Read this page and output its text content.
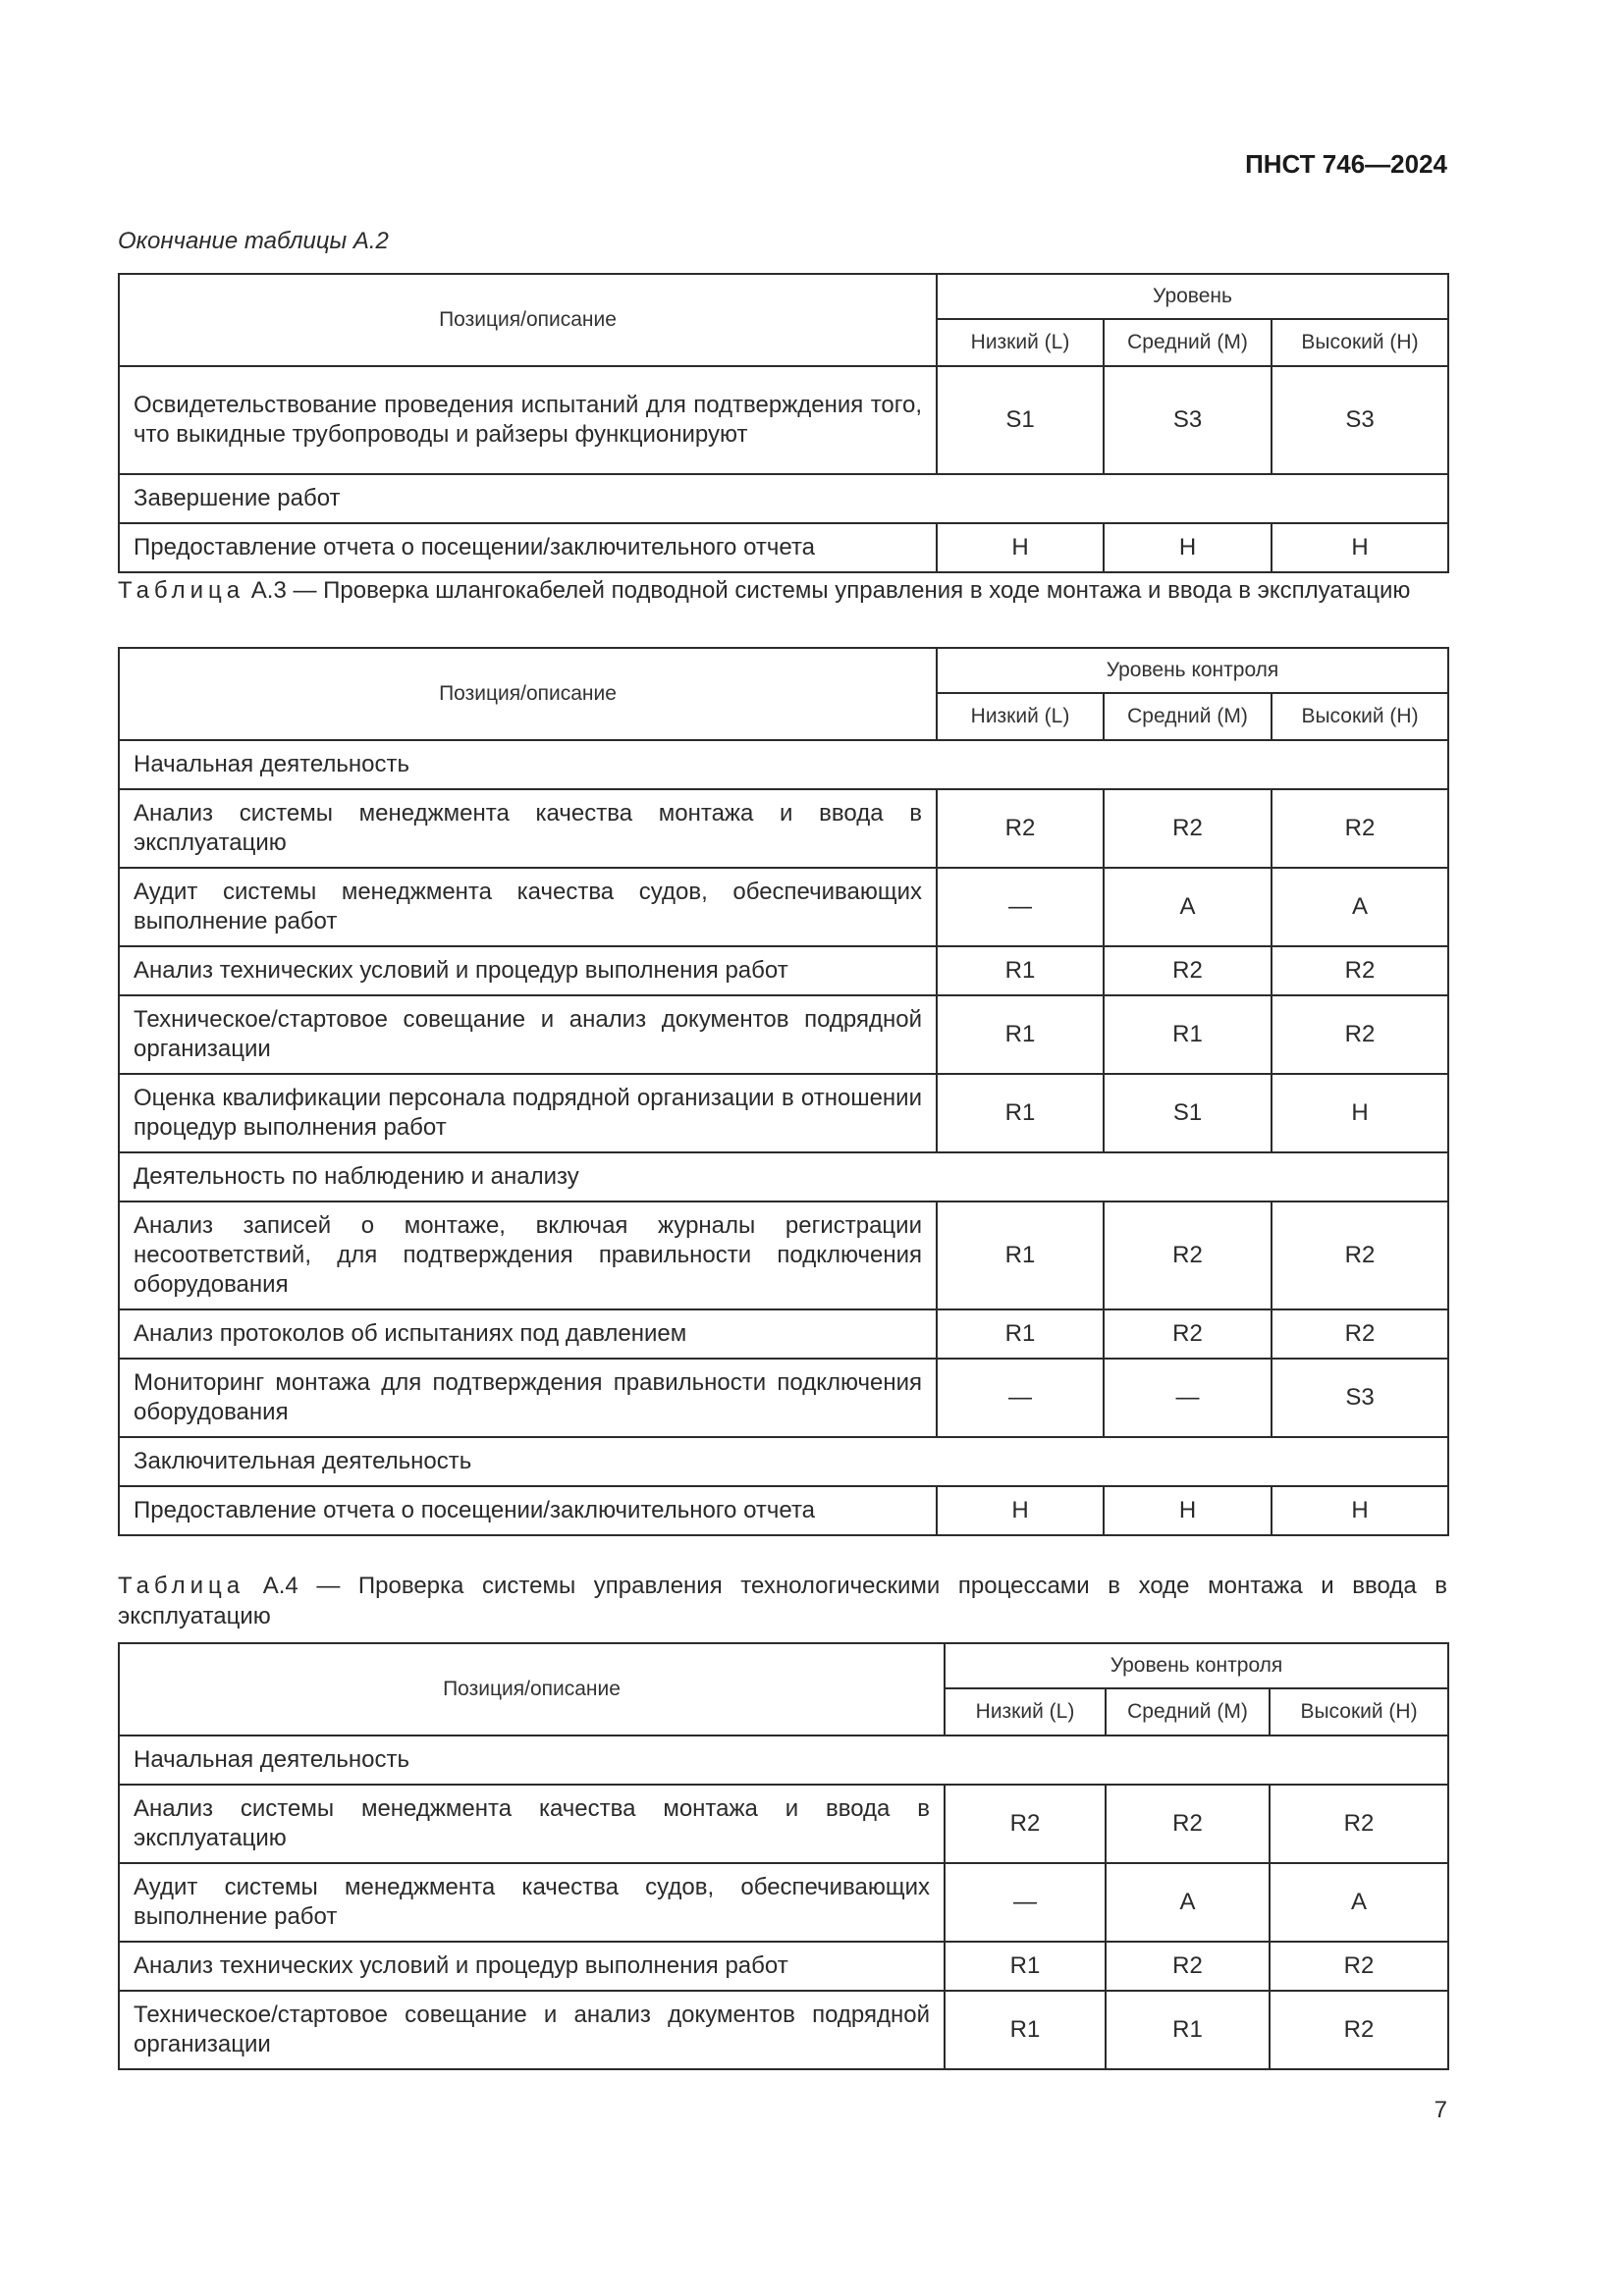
ПНСТ 746—2024
Окончание таблицы А.2
Позиция/описание	Уровень		
	Низкий (L)	Средний (M)	Высокий (H)
Освидетельствование проведения испытаний для подтверждения того, что выкидные трубопроводы и райзеры функционируют	S1	S3	S3
Завершение работ			
Предоставление отчета о посещении/заключительного отчета	H	H	H
Таблица А.3 — Проверка шлангокабелей подводной системы управления в ходе монтажа и ввода в эксплуатацию
Позиция/описание	Уровень контроля		
	Низкий (L)	Средний (M)	Высокий (H)
Начальная деятельность			
Анализ системы менеджмента качества монтажа и ввода в эксплуатацию	R2	R2	R2
Аудит системы менеджмента качества судов, обеспечивающих выполнение работ	—	A	A
Анализ технических условий и процедур выполнения работ	R1	R2	R2
Техническое/стартовое совещание и анализ документов подрядной организации	R1	R1	R2
Оценка квалификации персонала подрядной организации в отношении процедур выполнения работ	R1	S1	H
Деятельность по наблюдению и анализу			
Анализ записей о монтаже, включая журналы регистрации несоответствий, для подтверждения правильности подключения оборудования	R1	R2	R2
Анализ протоколов об испытаниях под давлением	R1	R2	R2
Мониторинг монтажа для подтверждения правильности подключения оборудования	—	—	S3
Заключительная деятельность			
Предоставление отчета о посещении/заключительного отчета	H	H	H
Таблица А.4 — Проверка системы управления технологическими процессами в ходе монтажа и ввода в эксплуатацию
Позиция/описание	Уровень контроля		
	Низкий (L)	Средний (M)	Высокий (H)
Начальная деятельность			
Анализ системы менеджмента качества монтажа и ввода в эксплуатацию	R2	R2	R2
Аудит системы менеджмента качества судов, обеспечивающих выполнение работ	—	A	A
Анализ технических условий и процедур выполнения работ	R1	R2	R2
Техническое/стартовое совещание и анализ документов подрядной организации	R1	R1	R2
7
